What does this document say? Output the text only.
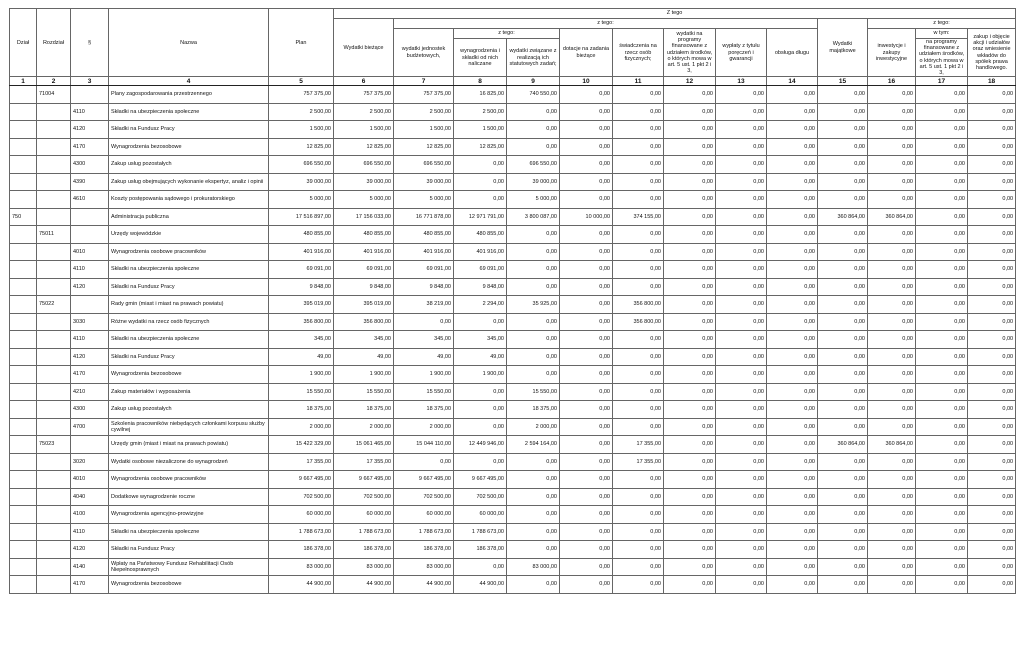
Dział	Rozdział	§	Nazwa	Plan	Z tego												
					Wydatki bieżące	z tego:								Wydatki majątkowe	z tego:		
						wydatki jednostek budżetowych,	z tego:		dotacje na zadania bieżące	świadczenia na rzecz osób fizycznych;	wydatki na programy finansowane z udziałem środków, o których mowa w art. 5 ust. 1 pkt 2 i 3,	wypłaty z tytułu poręczeń i gwarancji	obsługa długu		inwestycje i zakupy inwestycyjne	w tym:	zakup i objęcie akcji i udziałów oraz wniesienie wkładów do spółek prawa handlowego.
							wynagrodzenia i składki od nich naliczane	wydatki związane z realizacją ich statutowych zadań;								na programy finansowane z udziałem środków, o których mowa w art. 5 ust. 1 pkt 2 i 3,	

1	2	3	4	5	6	7	8	9	10	11	12	13	14	15	16	17	18
	71004		Plany zagospodarowania przestrzennego	757 375,00	757 375,00	757 375,00	16 825,00	740 550,00	0,00	0,00	0,00	0,00	0,00	0,00	0,00	0,00	0,00
		4110	Składki na ubezpieczenia społeczne	2 500,00	2 500,00	2 500,00	2 500,00	0,00	0,00	0,00	0,00	0,00	0,00	0,00	0,00	0,00	0,00
		4120	Składki na Fundusz Pracy	1 500,00	1 500,00	1 500,00	1 500,00	0,00	0,00	0,00	0,00	0,00	0,00	0,00	0,00	0,00	0,00
		4170	Wynagrodzenia bezosobowe	12 825,00	12 825,00	12 825,00	12 825,00	0,00	0,00	0,00	0,00	0,00	0,00	0,00	0,00	0,00	0,00
		4300	Zakup usług pozostałych	696 550,00	696 550,00	696 550,00	0,00	696 550,00	0,00	0,00	0,00	0,00	0,00	0,00	0,00	0,00	0,00
		4390	Zakup usług obejmujących wykonanie ekspertyz, analiz i opinii	39 000,00	39 000,00	39 000,00	0,00	39 000,00	0,00	0,00	0,00	0,00	0,00	0,00	0,00	0,00	0,00
		4610	Koszty postępowania sądowego i prokuratorskiego	5 000,00	5 000,00	5 000,00	0,00	5 000,00	0,00	0,00	0,00	0,00	0,00	0,00	0,00	0,00	0,00
750			Administracja publiczna	17 516 897,00	17 156 033,00	16 771 878,00	12 971 791,00	3 800 087,00	10 000,00	374 155,00	0,00	0,00	0,00	360 864,00	360 864,00	0,00	0,00
	75011		Urzędy wojewódzkie	480 855,00	480 855,00	480 855,00	480 855,00	0,00	0,00	0,00	0,00	0,00	0,00	0,00	0,00	0,00	0,00
		4010	Wynagrodzenia osobowe pracowników	401 916,00	401 916,00	401 916,00	401 916,00	0,00	0,00	0,00	0,00	0,00	0,00	0,00	0,00	0,00	0,00
		4110	Składki na ubezpieczenia społeczne	69 091,00	69 091,00	69 091,00	69 091,00	0,00	0,00	0,00	0,00	0,00	0,00	0,00	0,00	0,00	0,00
		4120	Składki na Fundusz Pracy	9 848,00	9 848,00	9 848,00	9 848,00	0,00	0,00	0,00	0,00	0,00	0,00	0,00	0,00	0,00	0,00
	75022		Rady gmin (miast i miast na prawach powiatu)	395 019,00	395 019,00	38 219,00	2 294,00	35 925,00	0,00	356 800,00	0,00	0,00	0,00	0,00	0,00	0,00	0,00
		3030	Różne wydatki na rzecz osób fizycznych	356 800,00	356 800,00	0,00	0,00	0,00	0,00	356 800,00	0,00	0,00	0,00	0,00	0,00	0,00	0,00
		4110	Składki na ubezpieczenia społeczne	345,00	345,00	345,00	345,00	0,00	0,00	0,00	0,00	0,00	0,00	0,00	0,00	0,00	0,00
		4120	Składki na Fundusz Pracy	49,00	49,00	49,00	49,00	0,00	0,00	0,00	0,00	0,00	0,00	0,00	0,00	0,00	0,00
		4170	Wynagrodzenia bezosobowe	1 900,00	1 900,00	1 900,00	1 900,00	0,00	0,00	0,00	0,00	0,00	0,00	0,00	0,00	0,00	0,00
		4210	Zakup materiałów i wyposażenia	15 550,00	15 550,00	15 550,00	0,00	15 550,00	0,00	0,00	0,00	0,00	0,00	0,00	0,00	0,00	0,00
		4300	Zakup usług pozostałych	18 375,00	18 375,00	18 375,00	0,00	18 375,00	0,00	0,00	0,00	0,00	0,00	0,00	0,00	0,00	0,00
		4700	Szkolenia pracowników niebędących członkami korpusu służby cywilnej	2 000,00	2 000,00	2 000,00	0,00	2 000,00	0,00	0,00	0,00	0,00	0,00	0,00	0,00	0,00	0,00
	75023		Urzędy gmin (miast i miast na prawach powiatu)	15 422 329,00	15 061 465,00	15 044 110,00	12 449 946,00	2 594 164,00	0,00	17 355,00	0,00	0,00	0,00	360 864,00	360 864,00	0,00	0,00
		3020	Wydatki osobowe niezaliczone do wynagrodzeń	17 355,00	17 355,00	0,00	0,00	0,00	0,00	17 355,00	0,00	0,00	0,00	0,00	0,00	0,00	0,00
		4010	Wynagrodzenia osobowe pracowników	9 667 495,00	9 667 495,00	9 667 495,00	9 667 495,00	0,00	0,00	0,00	0,00	0,00	0,00	0,00	0,00	0,00	0,00
		4040	Dodatkowe wynagrodzenie roczne	702 500,00	702 500,00	702 500,00	702 500,00	0,00	0,00	0,00	0,00	0,00	0,00	0,00	0,00	0,00	0,00
		4100	Wynagrodzenia agencyjno-prowizyjne	60 000,00	60 000,00	60 000,00	60 000,00	0,00	0,00	0,00	0,00	0,00	0,00	0,00	0,00	0,00	0,00
		4110	Składki na ubezpieczenia społeczne	1 788 673,00	1 788 673,00	1 788 673,00	1 788 673,00	0,00	0,00	0,00	0,00	0,00	0,00	0,00	0,00	0,00	0,00
		4120	Składki na Fundusz Pracy	186 378,00	186 378,00	186 378,00	186 378,00	0,00	0,00	0,00	0,00	0,00	0,00	0,00	0,00	0,00	0,00
		4140	Wpłaty na Państwowy Fundusz Rehabilitacji Osób Niepełnosprawnych	83 000,00	83 000,00	83 000,00	0,00	83 000,00	0,00	0,00	0,00	0,00	0,00	0,00	0,00	0,00	0,00
		4170	Wynagrodzenia bezosobowe	44 900,00	44 900,00	44 900,00	44 900,00	0,00	0,00	0,00	0,00	0,00	0,00	0,00	0,00	0,00	0,00
